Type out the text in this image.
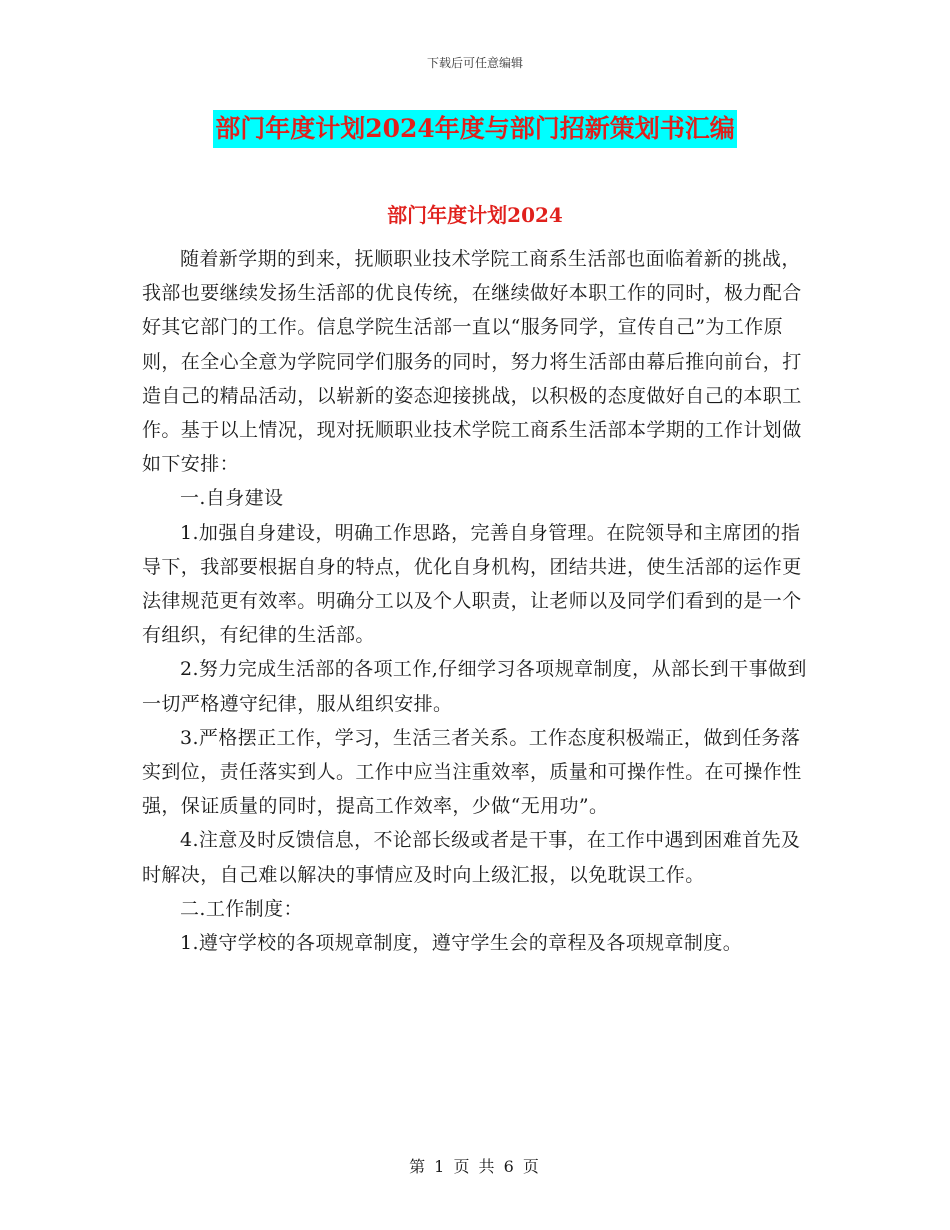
下载后可任意编辑
部门年度计划2024年度与部门招新策划书汇编
部门年度计划2024

随着新学期的到来，抚顺职业技术学院工商系生活部也面临着新的挑战，我部也要继续发扬生活部的优良传统，在继续做好本职工作的同时，极力配合好其它部门的工作。信息学院生活部一直以“服务同学，宣传自己”为工作原则，在全心全意为学院同学们服务的同时，努力将生活部由幕后推向前台，打造自己的精品活动，以崭新的姿态迎接挑战，以积极的态度做好自己的本职工作。基于以上情况，现对抚顺职业技术学院工商系生活部本学期的工作计划做如下安排：

一.自身建设

1.加强自身建设，明确工作思路，完善自身管理。在院领导和主席团的指导下，我部要根据自身的特点，优化自身机构，团结共进，使生活部的运作更法律规范更有效率。明确分工以及个人职责，让老师以及同学们看到的是一个有组织，有纪律的生活部。

2.努力完成生活部的各项工作,仔细学习各项规章制度，从部长到干事做到一切严格遵守纪律，服从组织安排。

3.严格摆正工作，学习，生活三者关系。工作态度积极端正，做到任务落实到位，责任落实到人。工作中应当注重效率，质量和可操作性。在可操作性强，保证质量的同时，提高工作效率，少做“无用功”。

4.注意及时反馈信息，不论部长级或者是干事，在工作中遇到困难首先及时解决，自己难以解决的事情应及时向上级汇报，以免耽误工作。

二.工作制度：

1.遵守学校的各项规章制度，遵守学生会的章程及各项规章制度。

第 1 页 共 6 页
